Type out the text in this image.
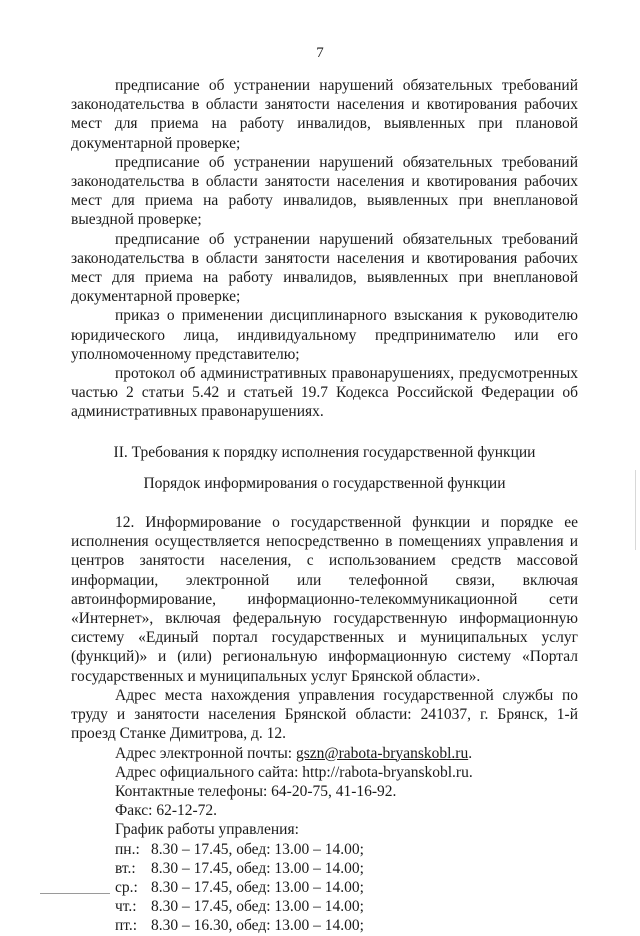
7

предписание об устранении нарушений обязательных требований законодательства в области занятости населения и квотирования рабочих мест для приема на работу инвалидов, выявленных при плановой документарной проверке;

предписание об устранении нарушений обязательных требований законодательства в области занятости населения и квотирования рабочих мест для приема на работу инвалидов, выявленных при внеплановой выездной проверке;

предписание об устранении нарушений обязательных требований законодательства в области занятости населения и квотирования рабочих мест для приема на работу инвалидов, выявленных при внеплановой документарной проверке;

приказ о применении дисциплинарного взыскания к руководителю юридического лица, индивидуальному предпринимателю или его уполномоченному представителю;

протокол об административных правонарушениях, предусмотренных частью 2 статьи 5.42 и статьей 19.7 Кодекса Российской Федерации об административных правонарушениях.

II. Требования к порядку исполнения государственной функции

Порядок информирования о государственной функции

12. Информирование о государственной функции и порядке ее исполнения осуществляется непосредственно в помещениях управления и центров занятости населения, с использованием средств массовой информации, электронной или телефонной связи, включая автоинформирование, информационно-телекоммуникационной сети «Интернет», включая федеральную государственную информационную систему «Единый портал государственных и муниципальных услуг (функций)» и (или) региональную информационную систему «Портал государственных и муниципальных услуг Брянской области».

Адрес места нахождения управления государственной службы по труду и занятости населения Брянской области: 241037, г. Брянск, 1-й проезд Станке Димитрова, д. 12.

Адрес электронной почты: gszn@rabota-bryanskobl.ru.

Адрес официального сайта: http://rabota-bryanskobl.ru.

Контактные телефоны: 64-20-75, 41-16-92.

Факс: 62-12-72.

График работы управления:

пн.: 8.30 – 17.45, обед: 13.00 – 14.00;

вт.: 8.30 – 17.45, обед: 13.00 – 14.00;

ср.: 8.30 – 17.45, обед: 13.00 – 14.00;

чт.: 8.30 – 17.45, обед: 13.00 – 14.00;

пт.: 8.30 – 16.30, обед: 13.00 – 14.00;
